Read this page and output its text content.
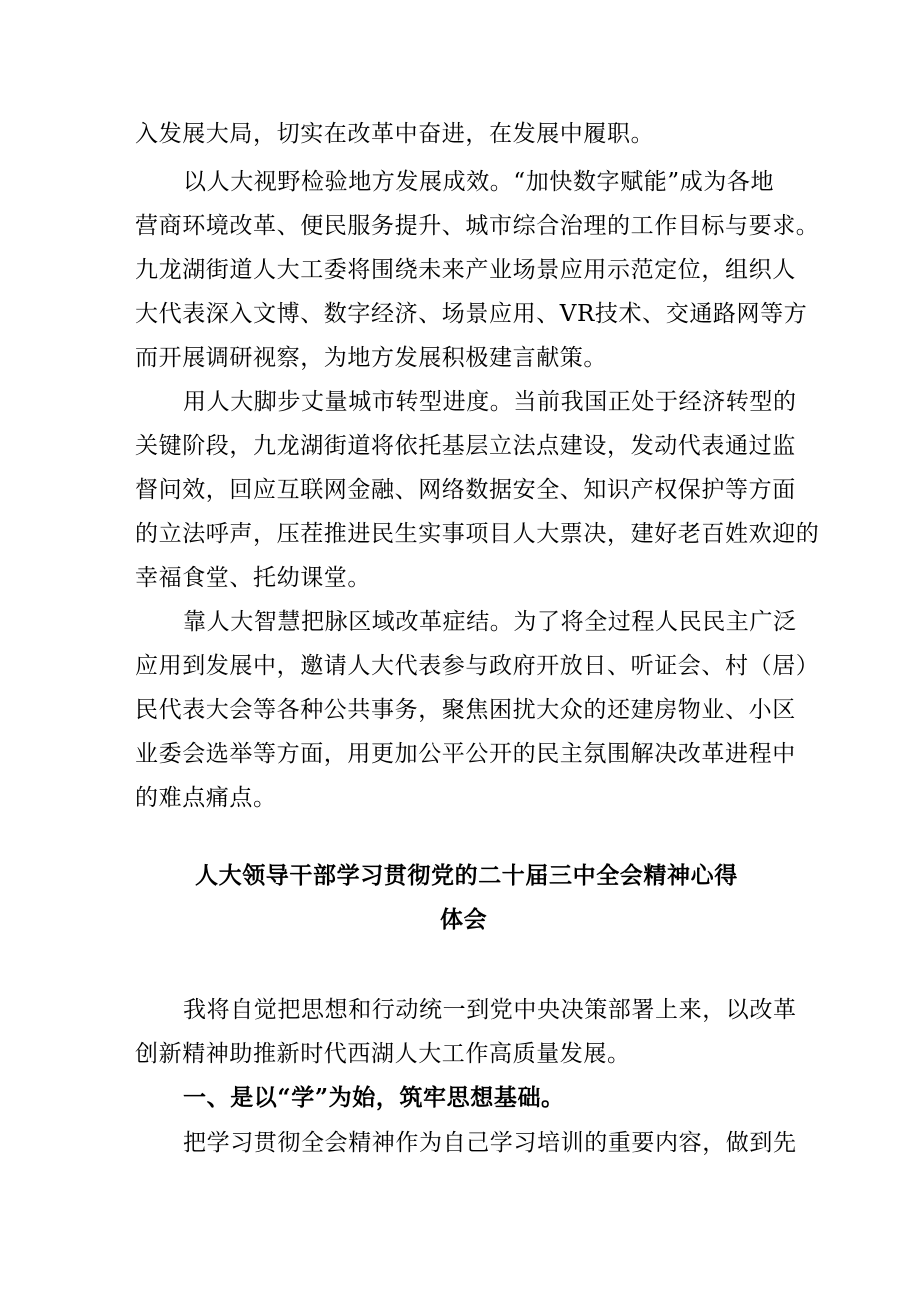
入发展大局，切实在改革中奋进，在发展中履职。
以人大视野检验地方发展成效。“加快数字赋能”成为各地
营商环境改革、便民服务提升、城市综合治理的工作目标与要求。
九龙湖街道人大工委将围绕未来产业场景应用示范定位，组织人
大代表深入文博、数字经济、场景应用、VR技术、交通路网等方
而开展调研视察，为地方发展积极建言献策。
用人大脚步丈量城市转型进度。当前我国正处于经济转型的
关键阶段，九龙湖街道将依托基层立法点建设，发动代表通过监
督问效，回应互联网金融、网络数据安全、知识产权保护等方面
的立法呼声，压茬推进民生实事项目人大票决，建好老百姓欢迎的
幸福食堂、托幼课堂。
靠人大智慧把脉区域改革症结。为了将全过程人民民主广泛
应用到发展中，邀请人大代表参与政府开放日、听证会、村（居）
民代表大会等各种公共事务，聚焦困扰大众的还建房物业、小区
业委会选举等方面，用更加公平公开的民主氛围解决改革进程中
的难点痛点。
人大领导干部学习贯彻党的二十届三中全会精神心得
体会
我将自觉把思想和行动统一到党中央决策部署上来，以改革
创新精神助推新时代西湖人大工作高质量发展。
一、是以“学”为始，筑牢思想基础。
把学习贯彻全会精神作为自己学习培训的重要内容，做到先
